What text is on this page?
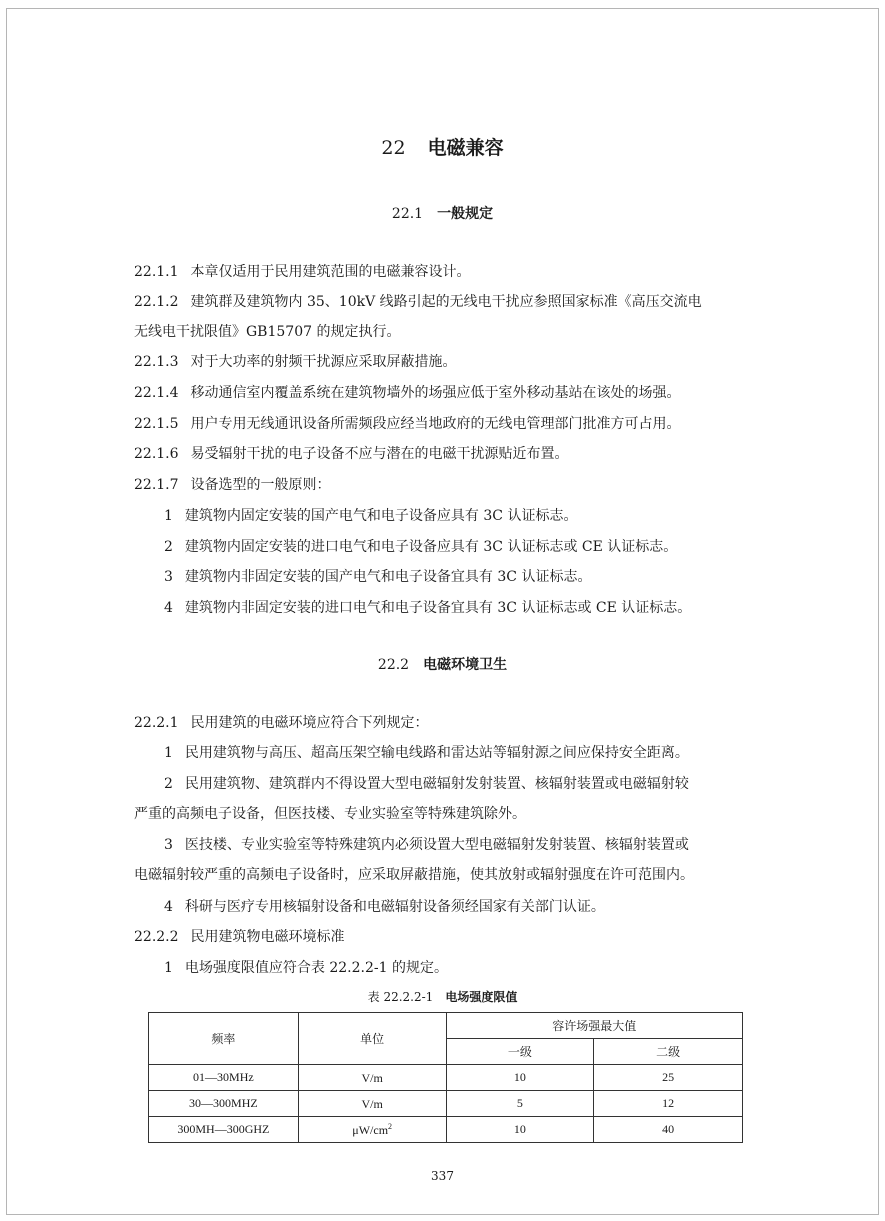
22 电磁兼容
22.1 一般规定
22.1.1 本章仅适用于民用建筑范围的电磁兼容设计。
22.1.2 建筑群及建筑物内 35、10kV 线路引起的无线电干扰应参照国家标准《高压交流电
无线电干扰限值》GB15707 的规定执行。
22.1.3 对于大功率的射频干扰源应采取屏蔽措施。
22.1.4 移动通信室内覆盖系统在建筑物墙外的场强应低于室外移动基站在该处的场强。
22.1.5 用户专用无线通讯设备所需频段应经当地政府的无线电管理部门批准方可占用。
22.1.6 易受辐射干扰的电子设备不应与潜在的电磁干扰源贴近布置。
22.1.7 设备选型的一般原则：
1 建筑物内固定安装的国产电气和电子设备应具有 3C 认证标志。
2 建筑物内固定安装的进口电气和电子设备应具有 3C 认证标志或 CE 认证标志。
3 建筑物内非固定安装的国产电气和电子设备宜具有 3C 认证标志。
4 建筑物内非固定安装的进口电气和电子设备宜具有 3C 认证标志或 CE 认证标志。
22.2 电磁环境卫生
22.2.1 民用建筑的电磁环境应符合下列规定：
1 民用建筑物与高压、超高压架空输电线路和雷达站等辐射源之间应保持安全距离。
2 民用建筑物、建筑群内不得设置大型电磁辐射发射装置、核辐射装置或电磁辐射较
严重的高频电子设备，但医技楼、专业实验室等特殊建筑除外。
3 医技楼、专业实验室等特殊建筑内必须设置大型电磁辐射发射装置、核辐射装置或
电磁辐射较严重的高频电子设备时，应采取屏蔽措施，使其放射或辐射强度在许可范围内。
4 科研与医疗专用核辐射设备和电磁辐射设备须经国家有关部门认证。
22.2.2 民用建筑物电磁环境标准
1 电场强度限值应符合表 22.2.2-1 的规定。
表 22.2.2-1 电场强度限值
频率	单位	容许场强最大值	
		一级	二级
01—30MHz	V/m	10	25
30—300MHZ	V/m	5	12
300MH—300GHZ	$\mu W/cm^2$	10	40
337
